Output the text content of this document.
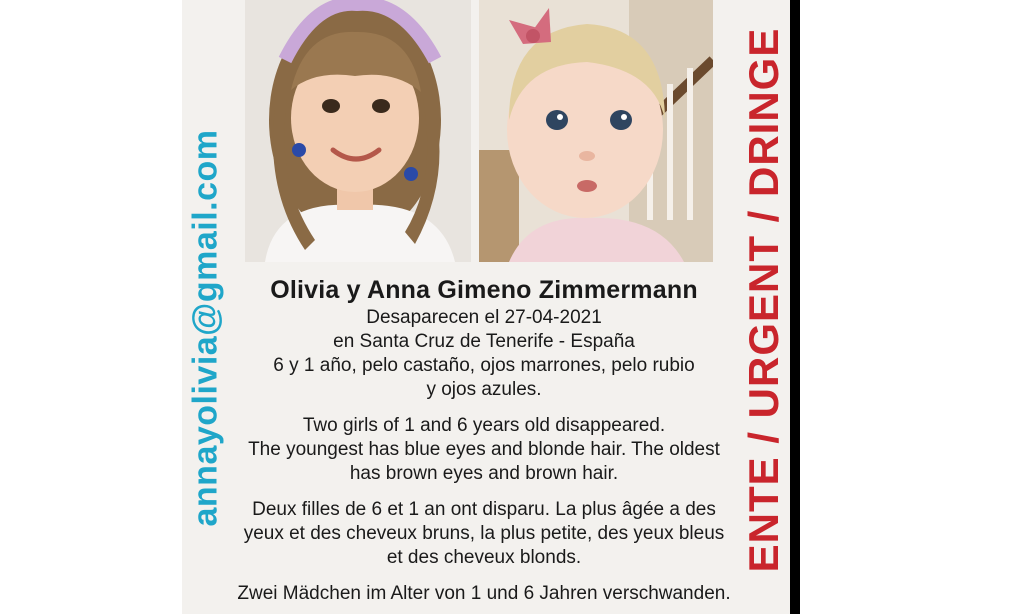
annayolivia@gmail.com	Olivia y Anna Gimeno Zimmermann

Desaparecen el 27-04-2021

en Santa Cruz de Tenerife - España

6 y 1 año, pelo castaño, ojos marrones, pelo rubio

y ojos azules.

Two girls of 1 and 6 years old disappeared.

The youngest has blue eyes and blonde hair. The oldest

has brown eyes and brown hair.

Deux filles de 6 et 1 an ont disparu. La plus âgée a des

yeux et des cheveux bruns, la plus petite, des yeux bleus

et des cheveux blonds.

Zwei Mädchen im Alter von 1 und 6 Jahren verschwanden.

ENTE / URGENT / DRINGE
